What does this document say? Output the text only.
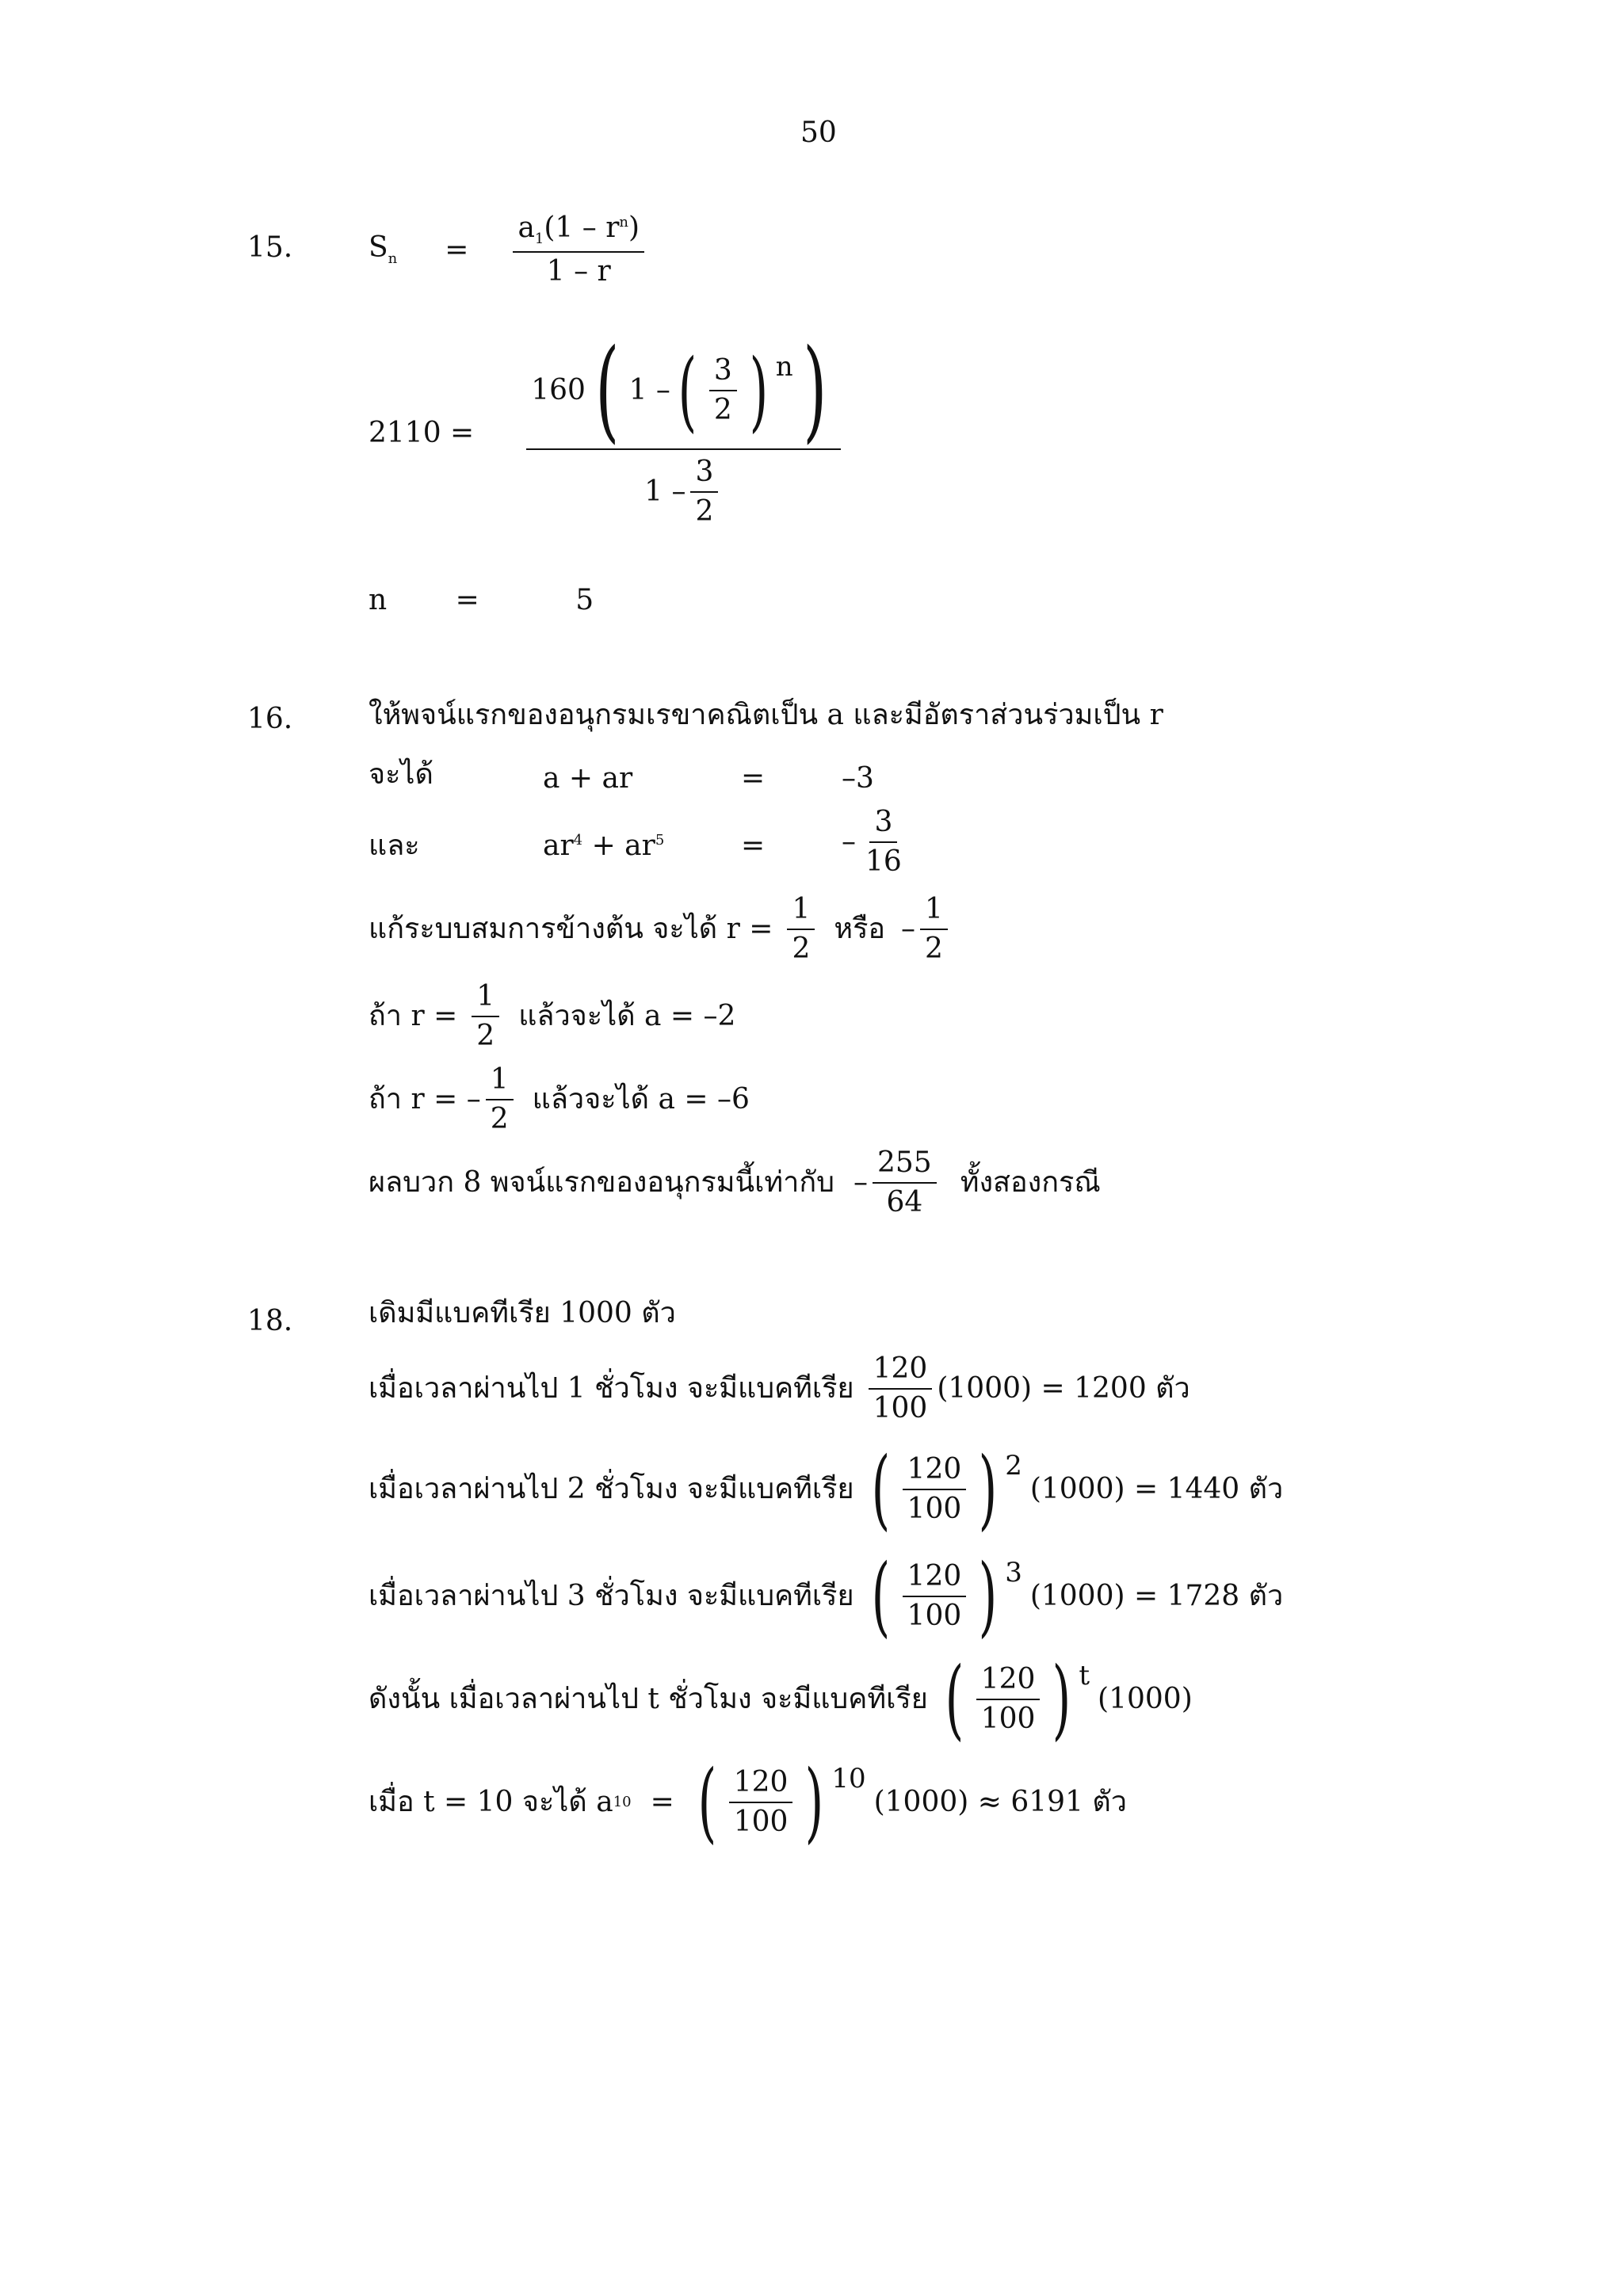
50
15.	$S_n = \frac{a_1(1 - r^n)}{1 - r}$
2110 =
160 ( 1 – ( $\frac{3}{2}$ ) n )
$1 - \frac{3}{2}$
n =	5
16.	ให้พจน์แรกของอนุกรมเรขาคณิตเป็น a และมีอัตราส่วนร่วมเป็น r
จะได้	a + ar	=	–3
และ	$ar^4 + ar^5$	=	– $\frac{3}{16}$
แก้ระบบสมการข้างต้น จะได้ $r = \frac{1}{2}$ หรือ – $\frac{1}{2}$
ถ้า $r = \frac{1}{2}$ แล้วจะได้ a = –2
ถ้า r = – $\frac{1}{2}$ แล้วจะได้ a = –6
ผลบวก 8 พจน์แรกของอนุกรมนี้เท่ากับ – $\frac{255}{64}$ ทั้งสองกรณี
18.	เดิมมีแบคทีเรีย 1000 ตัว
เมื่อเวลาผ่านไป 1 ชั่วโมง จะมีแบคทีเรีย $\frac{120}{100} (1000) = 1200$ ตัว
เมื่อเวลาผ่านไป 2 ชั่วโมง จะมีแบคทีเรีย ( $\frac{120}{100}$ ) 2
(1000) = 1440 ตัว
เมื่อเวลาผ่านไป 3 ชั่วโมง จะมีแบคทีเรีย ( $\frac{120}{100}$ ) 3
(1000) = 1728 ตัว
ดังนั้น เมื่อเวลาผ่านไป t ชั่วโมง จะมีแบคทีเรีย ( $\frac{120}{100}$ ) t
(1000)
เมื่อ t = 10 จะได้ a 10 = ( $\frac{120}{100}$ ) 10
(1000) ≈ 6191 ตัว
